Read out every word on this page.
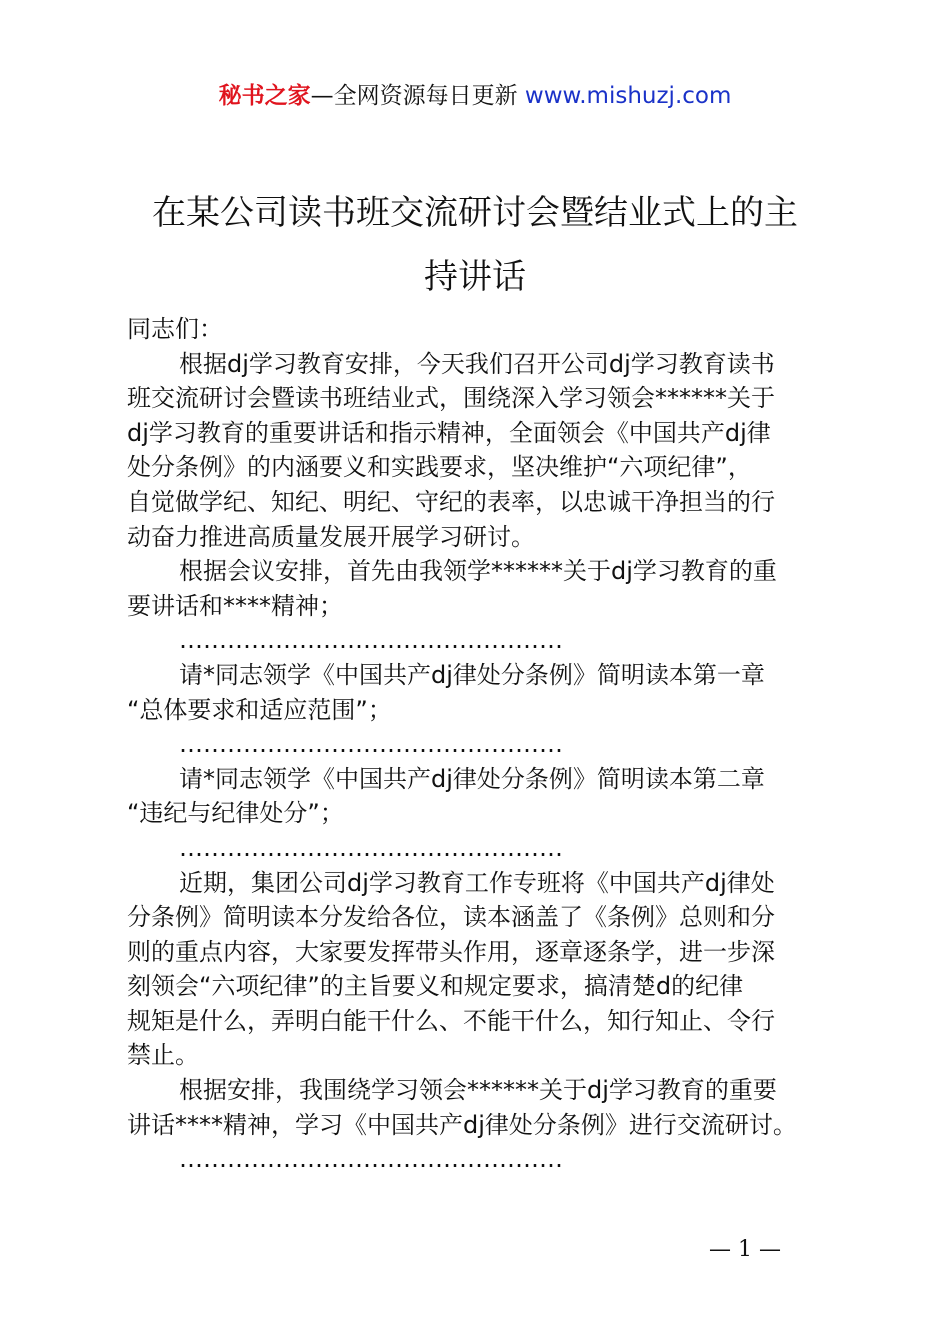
秘书之家—全网资源每日更新 www.mishuzj.com
在某公司读书班交流研讨会暨结业式上的主
持讲话
同志们：
根据dj学习教育安排，今天我们召开公司dj学习教育读书
班交流研讨会暨读书班结业式，围绕深入学习领会******关于
dj学习教育的重要讲话和指示精神，全面领会《中国共产dj律
处分条例》的内涵要义和实践要求，坚决维护“六项纪律”，
自觉做学纪、知纪、明纪、守纪的表率，以忠诚干净担当的行
动奋力推进高质量发展开展学习研讨。
根据会议安排，首先由我领学******关于dj学习教育的重
要讲话和****精神；
…………………………………………
请*同志领学《中国共产dj律处分条例》简明读本第一章
“总体要求和适应范围”；
…………………………………………
请*同志领学《中国共产dj律处分条例》简明读本第二章
“违纪与纪律处分”；
…………………………………………
近期，集团公司dj学习教育工作专班将《中国共产dj律处
分条例》简明读本分发给各位，读本涵盖了《条例》总则和分
则的重点内容，大家要发挥带头作用，逐章逐条学，进一步深
刻领会“六项纪律”的主旨要义和规定要求，搞清楚d的纪律
规矩是什么，弄明白能干什么、不能干什么，知行知止、令行
禁止。
根据安排，我围绕学习领会******关于dj学习教育的重要
讲话****精神，学习《中国共产dj律处分条例》进行交流研讨。
…………………………………………
— 1 —
